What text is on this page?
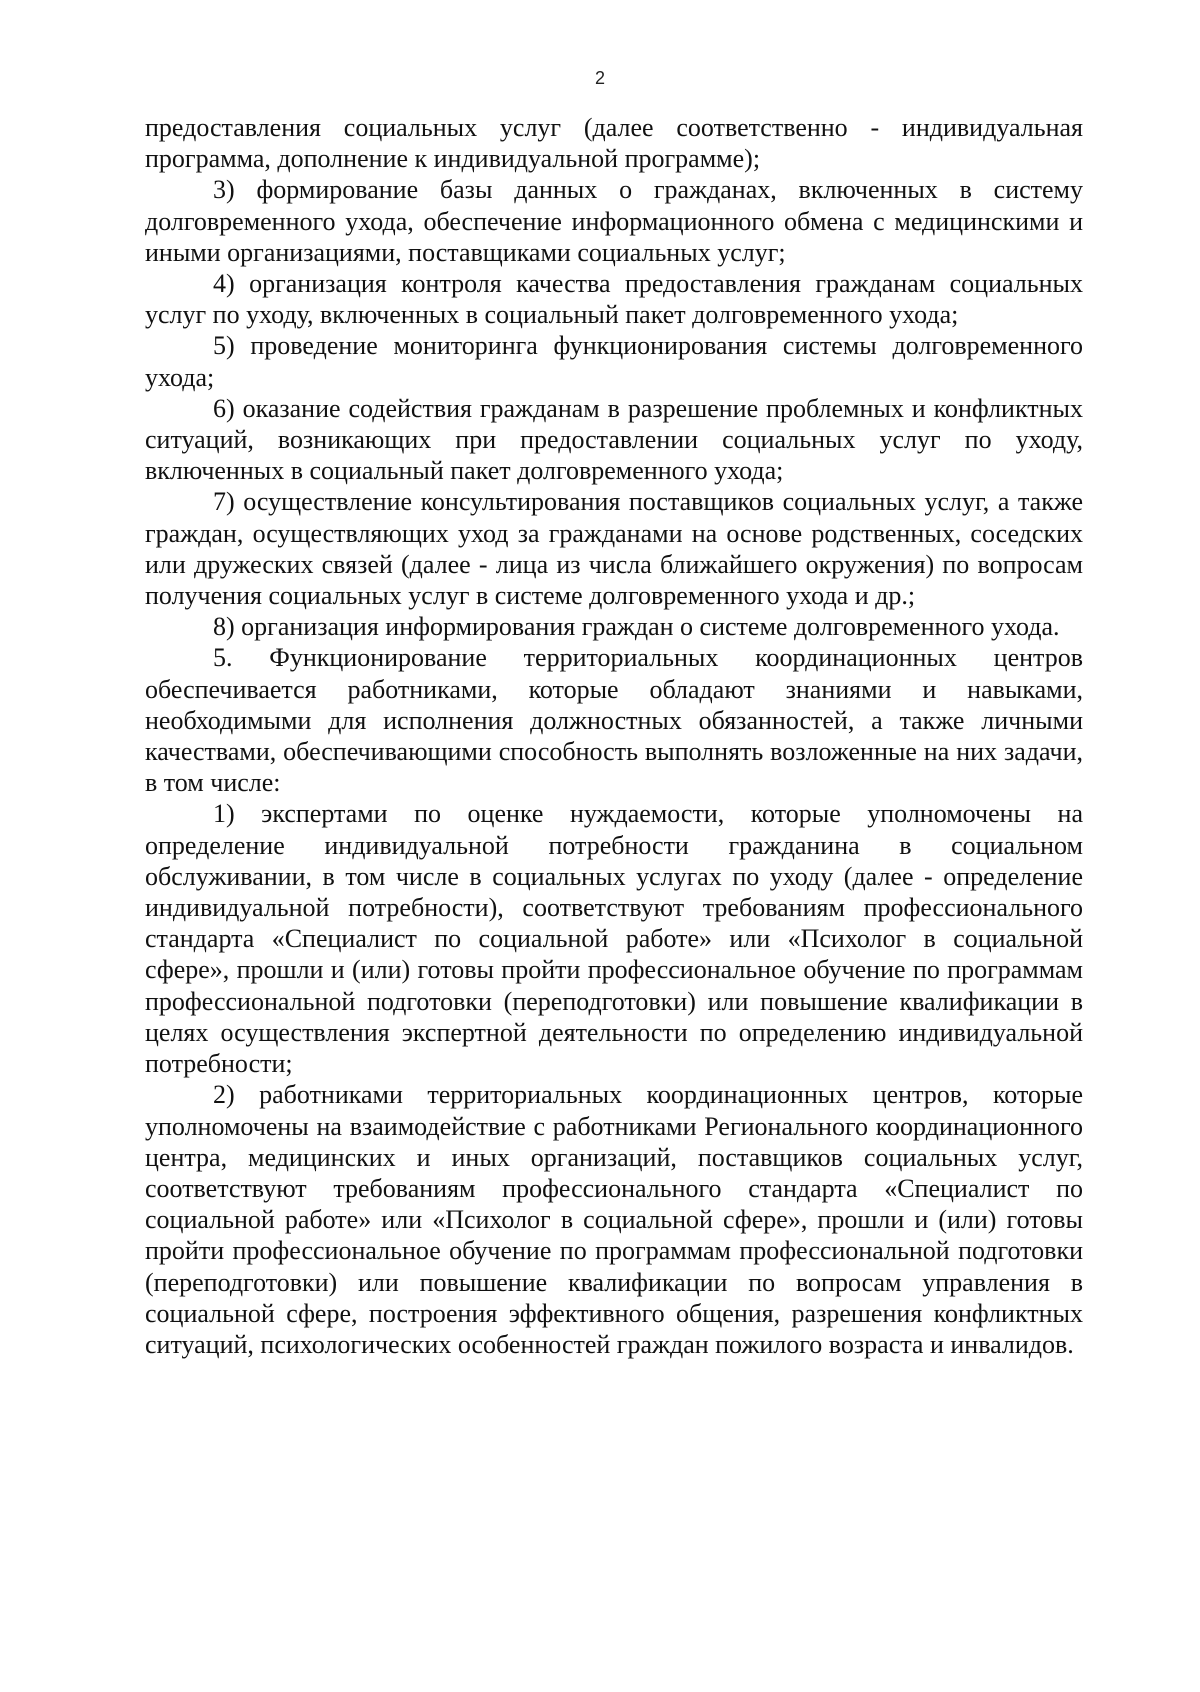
2

предоставления социальных услуг (далее соответственно - индивидуальная программа, дополнение к индивидуальной программе);

3) формирование базы данных о гражданах, включенных в систему долговременного ухода, обеспечение информационного обмена с медицинскими и иными организациями, поставщиками социальных услуг;

4) организация контроля качества предоставления гражданам социальных услуг по уходу, включенных в социальный пакет долговременного ухода;

5) проведение мониторинга функционирования системы долговременного ухода;

6) оказание содействия гражданам в разрешение проблемных и конфликтных ситуаций, возникающих при предоставлении социальных услуг по уходу, включенных в социальный пакет долговременного ухода;

7) осуществление консультирования поставщиков социальных услуг, а также граждан, осуществляющих уход за гражданами на основе родственных, соседских или дружеских связей (далее - лица из числа ближайшего окружения) по вопросам получения социальных услуг в системе долговременного ухода и др.;

8) организация информирования граждан о системе долговременного ухода.

5. Функционирование территориальных координационных центров обеспечивается работниками, которые обладают знаниями и навыками, необходимыми для исполнения должностных обязанностей, а также личными качествами, обеспечивающими способность выполнять возложенные на них задачи, в том числе:

1) экспертами по оценке нуждаемости, которые уполномочены на определение индивидуальной потребности гражданина в социальном обслуживании, в том числе в социальных услугах по уходу (далее - определение индивидуальной потребности), соответствуют требованиям профессионального стандарта «Специалист по социальной работе» или «Психолог в социальной сфере», прошли и (или) готовы пройти профессиональное обучение по программам профессиональной подготовки (переподготовки) или повышение квалификации в целях осуществления экспертной деятельности по определению индивидуальной потребности;

2) работниками территориальных координационных центров, которые уполномочены на взаимодействие с работниками Регионального координационного центра, медицинских и иных организаций, поставщиков социальных услуг, соответствуют требованиям профессионального стандарта «Специалист по социальной работе» или «Психолог в социальной сфере», прошли и (или) готовы пройти профессиональное обучение по программам профессиональной подготовки (переподготовки) или повышение квалификации по вопросам управления в социальной сфере, построения эффективного общения, разрешения конфликтных ситуаций, психологических особенностей граждан пожилого возраста и инвалидов.
